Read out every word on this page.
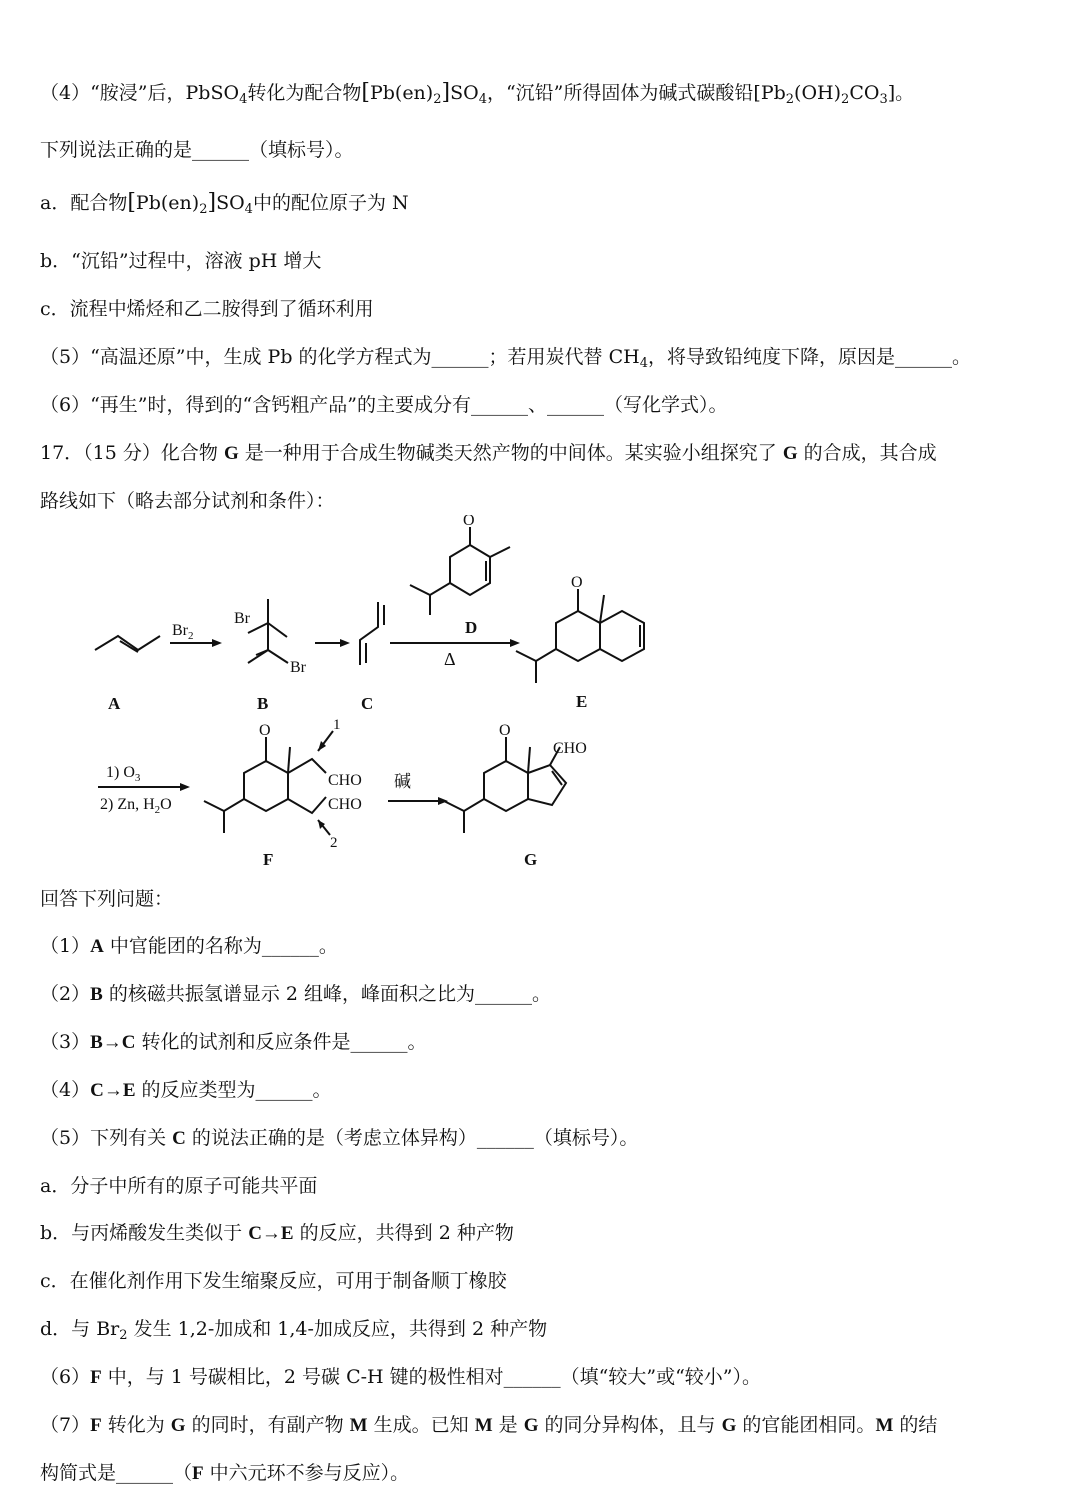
（4）“胺浸”后，PbSO$_4$转化为配合物$[Pb(en)_2]SO_4$，“沉铅”所得固体为碱式碳酸铅$[Pb_2(OH)_2CO_3]$。
下列说法正确的是______（填标号）。
a．配合物$[Pb(en)_2]SO_4$中的配位原子为 N
b．“沉铅”过程中，溶液 pH 增大
c．流程中烯烃和乙二胺得到了循环利用
（5）“高温还原”中，生成 Pb 的化学方程式为______；若用炭代替 $CH_4$，将导致铅纯度下降，原因是______。
（6）“再生”时，得到的“含钙粗产品”的主要成分有______、______（写化学式）。
17．（15 分）化合物 G 是一种用于合成生物碱类天然产物的中间体。某实验小组探究了 G 的合成，其合成
路线如下（略去部分试剂和条件）：
$Br_2$
Br
Br	Δ
O
O
1) $O_3$
2) Zn, $H_2O$
O
CHO
CHO
1
2
碱
O
CHO
A	B	C
D
E
F	G
回答下列问题：
（1）A 中官能团的名称为______。
（2）B 的核磁共振氢谱显示 2 组峰，峰面积之比为______。
（3）B→C 转化的试剂和反应条件是______。
（4）C→E 的反应类型为______。
（5）下列有关 C 的说法正确的是（考虑立体异构）______（填标号）。
a．分子中所有的原子可能共平面
b．与丙烯酸发生类似于 C→E 的反应，共得到 2 种产物
c．在催化剂作用下发生缩聚反应，可用于制备顺丁橡胶
d．与 $Br_2$ 发生 1,2-加成和 1,4-加成反应，共得到 2 种产物
（6）F 中，与 1 号碳相比，2 号碳 C-H 键的极性相对______（填“较大”或“较小”）。
（7）F 转化为 G 的同时，有副产物 M 生成。已知 M 是 G 的同分异构体，且与 G 的官能团相同。M 的结
构简式是______（F 中六元环不参与反应）。
